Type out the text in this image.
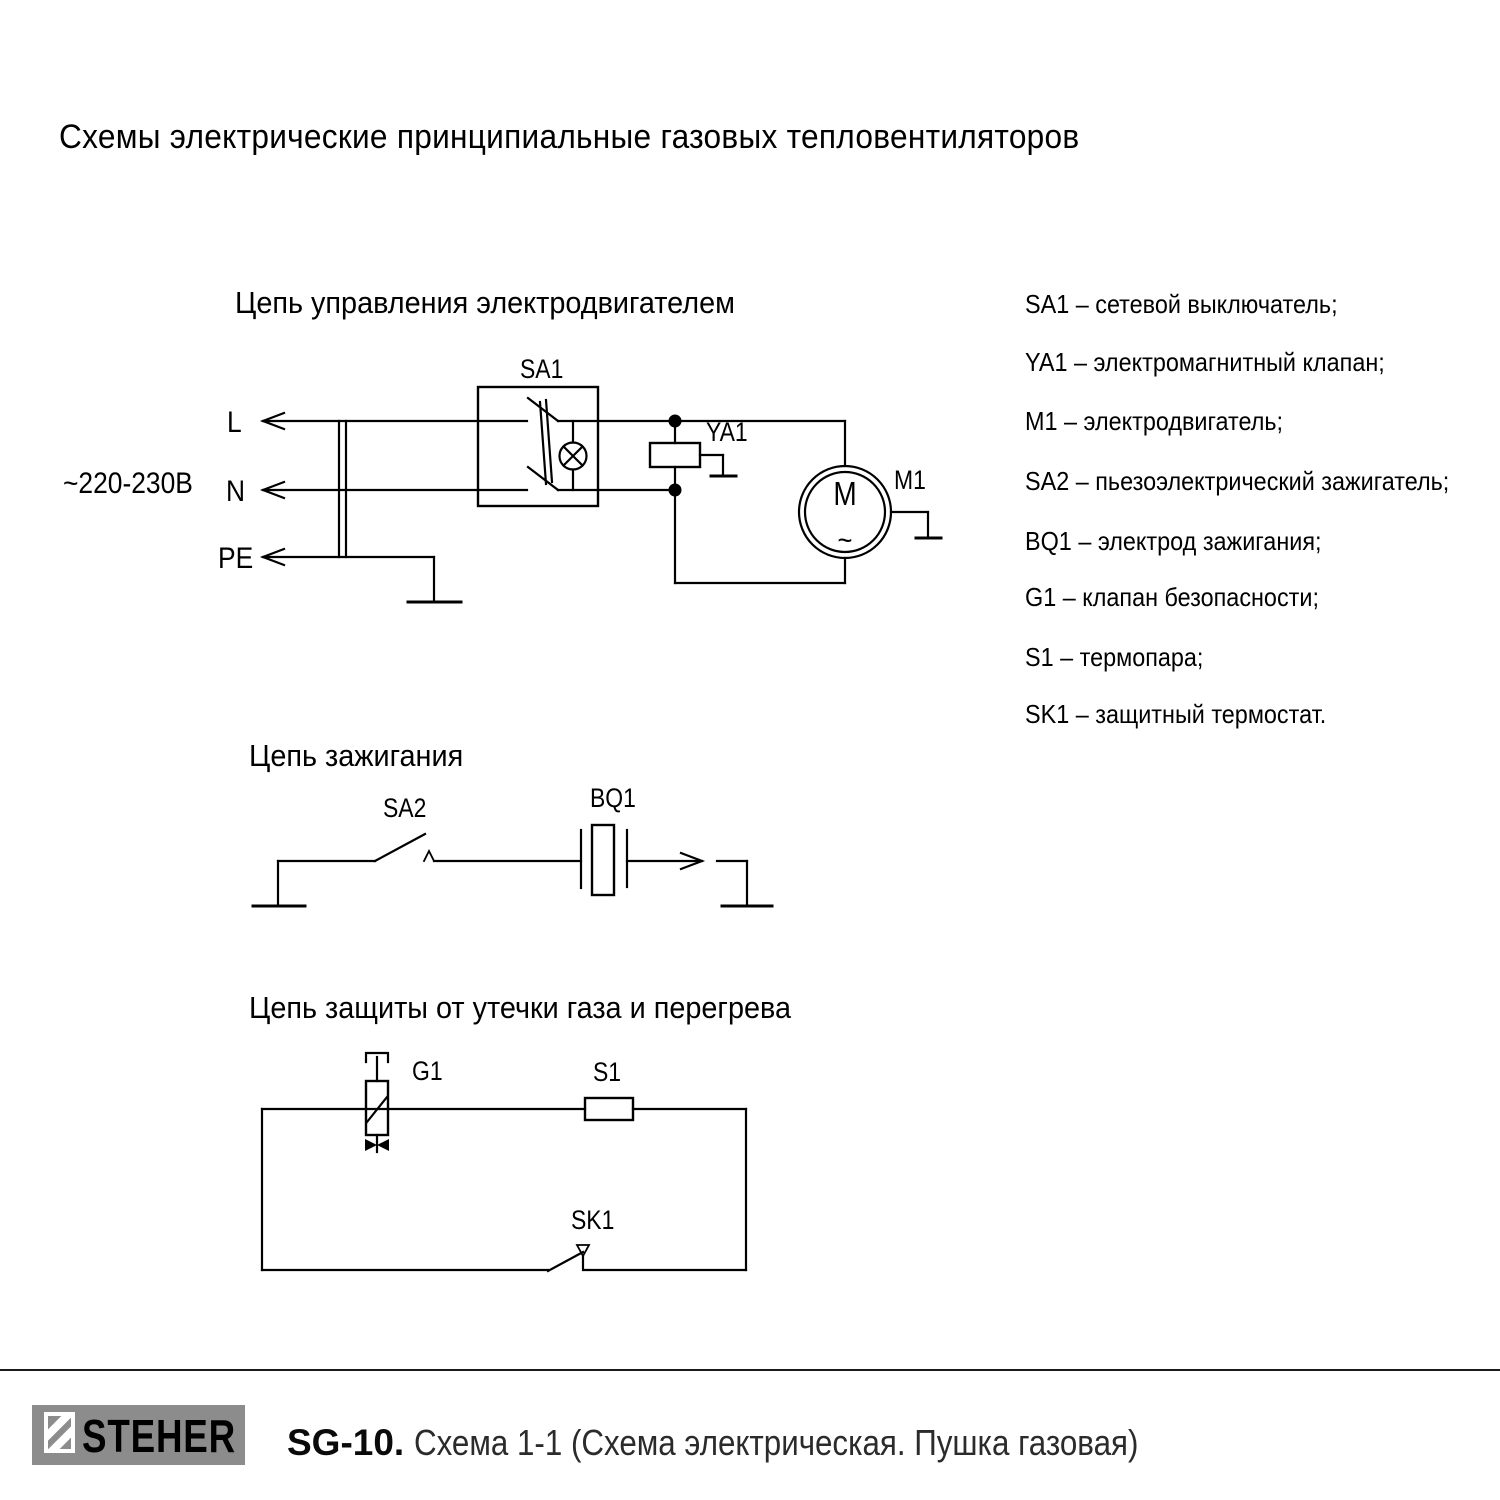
Схемы электрические принципиальные газовых тепловентиляторов
Цепь управления электродвигателем
Цепь зажигания
Цепь защиты от утечки газа и перегрева
SA1 – сетевой выключатель;
YA1 – электромагнитный клапан;
M1 – электродвигатель;
SA2 – пьезоэлектрический зажигатель;
BQ1 – электрод зажигания;
G1 – клапан безопасности;
S1 – термопара;
SK1 – защитный термостат.
~220-230В
L
N
PE
SA1
YA1
M1
M
~
SA2	BQ1
G1	S1
SK1
STEHER SG-10. Схема 1-1 (Схема электрическая. Пушка газовая)
